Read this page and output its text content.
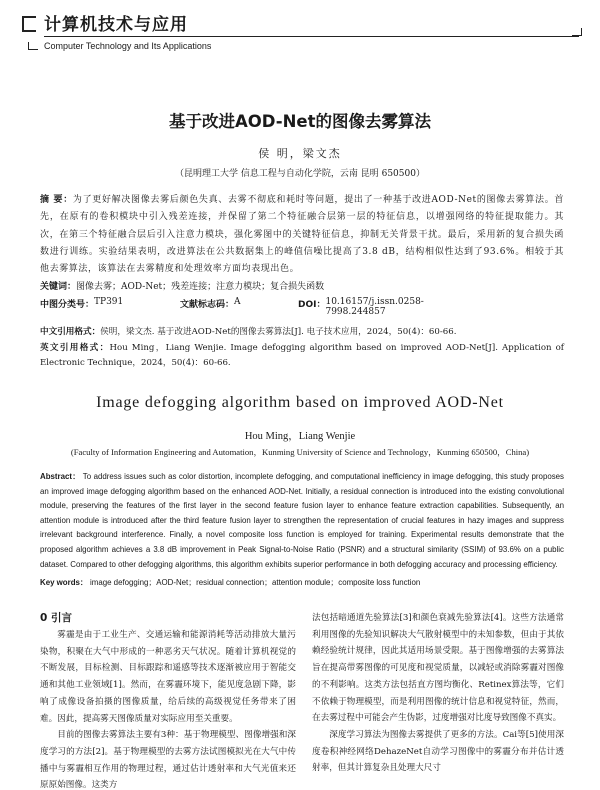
计算机技术与应用
Computer Technology and Its Applications
基于改进AOD-Net的图像去雾算法
侯 明，梁文杰
（昆明理工大学 信息工程与自动化学院，云南 昆明 650500）
摘 要：为了更好解决图像去雾后颜色失真、去雾不彻底和耗时等问题，提出了一种基于改进AOD-Net的图像去雾算法。首先，在原有的卷积模块中引入残差连接，并保留了第二个特征融合层第一层的特征信息，以增强网络的特征提取能力。其次，在第三个特征融合层后引入注意力模块，强化雾图中的关键特征信息，抑制无关背景干扰。最后，采用新的复合损失函数进行训练。实验结果表明，改进算法在公共数据集上的峰值信噪比提高了3.8 dB，结构相似性达到了93.6%。相较于其他去雾算法，该算法在去雾精度和处理效率方面均表现出色。
关键词：图像去雾；AOD-Net；残差连接；注意力模块；复合损失函数
中图分类号： TP391	文献标志码： A	DOI： 10.16157/j.issn.0258-7998.244857
中文引用格式：侯明，梁文杰. 基于改进AOD-Net的图像去雾算法[J]. 电子技术应用，2024，50(4)：60-66.
英文引用格式：Hou Ming，Liang Wenjie. Image defogging algorithm based on improved AOD-Net[J]. Application of Electronic Technique，2024，50(4)：60-66.
Image defogging algorithm based on improved AOD-Net
Hou Ming，Liang Wenjie
(Faculty of Information Engineering and Automation，Kunming University of Science and Technology，Kunming 650500，China)
Abstract： To address issues such as color distortion, incomplete defogging, and computational inefficiency in image defogging, this study proposes an improved image defogging algorithm based on the enhanced AOD-Net. Initially, a residual connection is introduced into the existing convolutional module, preserving the features of the first layer in the second feature fusion layer to enhance feature extraction capabilities. Subsequently, an attention module is introduced after the third feature fusion layer to strengthen the representation of crucial features in hazy images and suppress irrelevant background interference. Finally, a novel composite loss function is employed for training. Experimental results demonstrate that the proposed algorithm achieves a 3.8 dB improvement in Peak Signal-to-Noise Ratio (PSNR) and a structural similarity (SSIM) of 93.6% on a public dataset. Compared to other defogging algorithms, this algorithm exhibits superior performance in both defogging accuracy and processing efficiency.
Key words： image defogging；AOD-Net；residual connection；attention module；composite loss function
0 引言

雾霾是由于工业生产、交通运输和能源消耗等活动排放大量污染物，积聚在大气中形成的一种恶劣天气状况。随着计算机视觉的不断发展，目标检测、目标跟踪和遥感等技术逐渐被应用于智能交通和其他工业领域[1]。然而，在雾霾环境下，能见度急剧下降，影响了成像设备拍摄的图像质量，给后续的高级视觉任务带来了困难。因此，提高雾天图像质量对实际应用至关重要。

目前的图像去雾算法主要有3种：基于物理模型、图像增强和深度学习的方法[2]。基于物理模型的去雾方法试图模拟光在大气中传播中与雾霾相互作用的物理过程，通过估计透射率和大气光值来还原原始图像。这类方

法包括暗通道先验算法[3]和颜色衰减先验算法[4]。这些方法通常利用图像的先验知识解决大气散射模型中的未知参数，但由于其依赖经验统计规律，因此其适用场景受限。基于图像增强的去雾算法旨在提高带雾图像的可见度和视觉质量，以减轻或消除雾霾对图像的不利影响。这类方法包括直方图均衡化、Retinex算法等，它们不依赖于物理模型，而是利用图像的统计信息和视觉特征，然而，在去雾过程中可能会产生伪影，过度增强对比度导致图像不真实。

深度学习算法为图像去雾提供了更多的方法。Cai等[5]使用深度卷积神经网络DehazeNet自动学习图像中的雾霾分布并估计透射率，但其计算复杂且处理大尺寸
